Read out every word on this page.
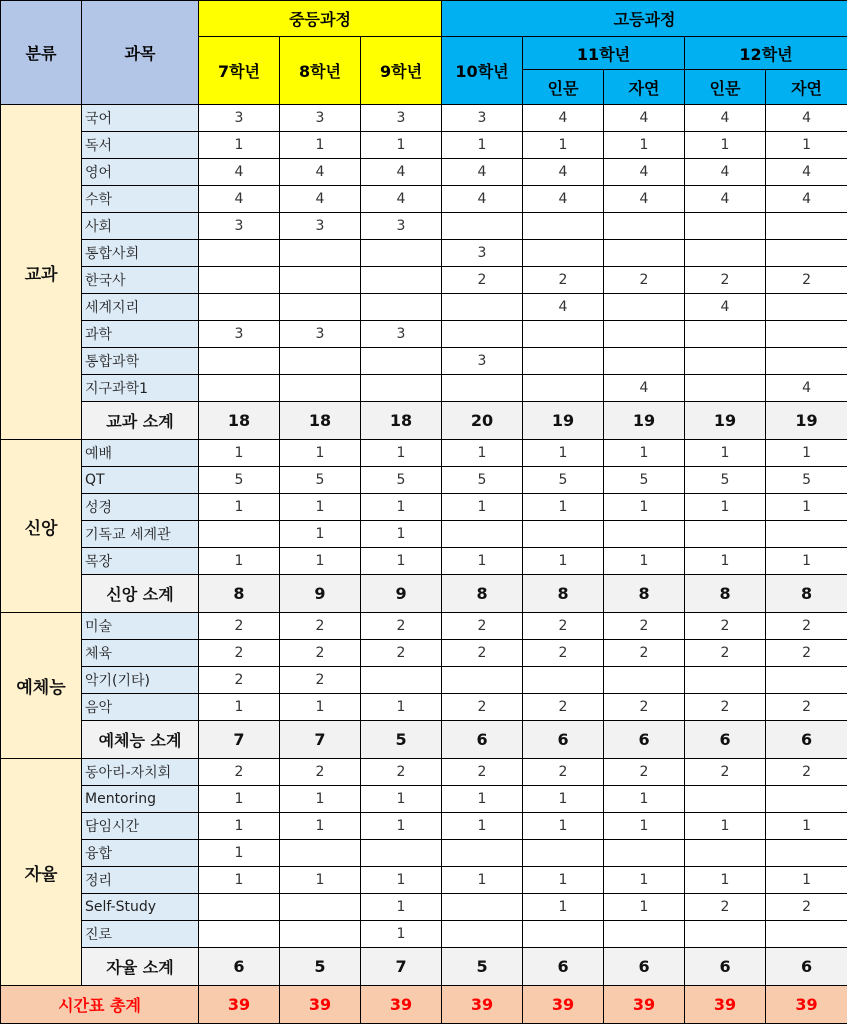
분류	과목	중등과정			고등과정				
		7학년	8학년	9학년	10학년	11학년		12학년	
						인문	자연	인문	자연
교과	국어	3	3	3	3	4	4	4	4
	독서	1	1	1	1	1	1	1	1
	영어	4	4	4	4	4	4	4	4
	수학	4	4	4	4	4	4	4	4
	사회	3	3	3					
	통합사회				3				
	한국사				2	2	2	2	2
	세계지리					4		4	
	과학	3	3	3					
	통합과학				3				
	지구과학1						4		4
	교과 소계	18	18	18	20	19	19	19	19
신앙	예배	1	1	1	1	1	1	1	1
	QT	5	5	5	5	5	5	5	5
	성경	1	1	1	1	1	1	1	1
	기독교 세계관		1	1					
	목장	1	1	1	1	1	1	1	1
	신앙 소계	8	9	9	8	8	8	8	8
예체능	미술	2	2	2	2	2	2	2	2
	체육	2	2	2	2	2	2	2	2
	악기(기타)	2	2						
	음악	1	1	1	2	2	2	2	2
	예체능 소계	7	7	5	6	6	6	6	6
자율	동아리-자치회	2	2	2	2	2	2	2	2
	Mentoring	1	1	1	1	1	1		
	담임시간	1	1	1	1	1	1	1	1
	융합	1							
	정리	1	1	1	1	1	1	1	1
	Self-Study			1		1	1	2	2
	진로			1					
	자율 소계	6	5	7	5	6	6	6	6
시간표 총계		39	39	39	39	39	39	39	39
